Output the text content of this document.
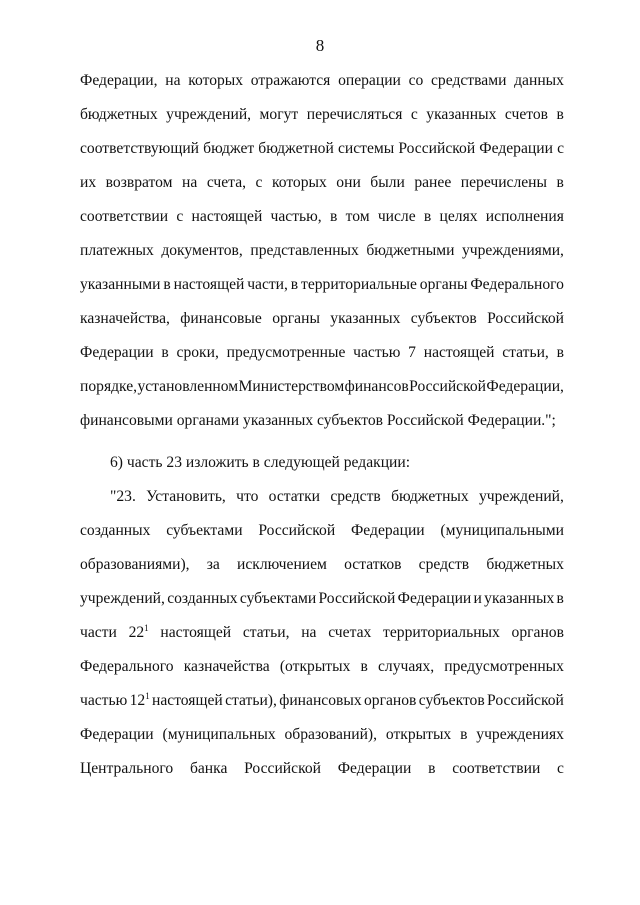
8
Федерации, на которых отражаются операции со средствами данных
бюджетных учреждений, могут перечисляться с указанных счетов в
соответствующий бюджет бюджетной системы Российской Федерации с
их возвратом на счета, с которых они были ранее перечислены в
соответствии с настоящей частью, в том числе в целях исполнения
платежных документов, представленных бюджетными учреждениями,
указанными в настоящей части, в территориальные органы Федерального
казначейства, финансовые органы указанных субъектов Российской
Федерации в сроки, предусмотренные частью 7 настоящей статьи, в
порядке, установленном Министерством финансов Российской Федерации,
финансовыми органами указанных субъектов Российской Федерации.";
6) часть 23 изложить в следующей редакции:
"23. Установить, что остатки средств бюджетных учреждений,
созданных субъектами Российской Федерации (муниципальными
образованиями), за исключением остатков средств бюджетных
учреждений, созданных субъектами Российской Федерации и указанных в
части $22^1$ настоящей статьи, на счетах территориальных органов
Федерального казначейства (открытых в случаях, предусмотренных
частью $12^1$ настоящей статьи), финансовых органов субъектов Российской
Федерации (муниципальных образований), открытых в учреждениях
Центрального банка Российской Федерации в соответствии с
